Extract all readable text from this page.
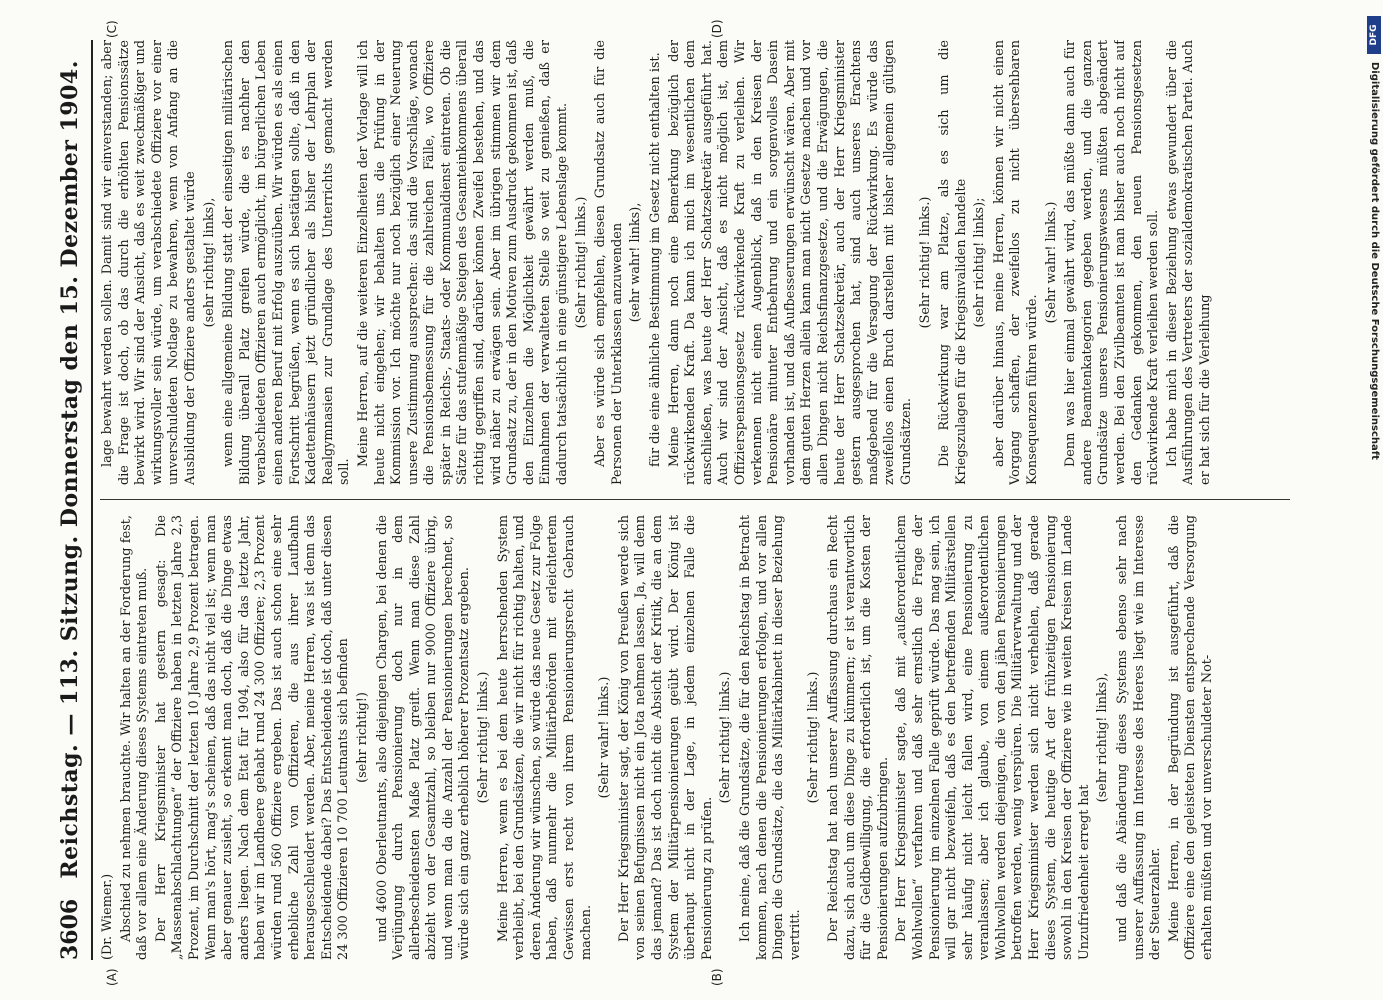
3606
Reichstag. — 113. Sitzung. Donnerstag den 15. Dezember 1904.

(Dr. Wiemer.) Abschied zu nehmen brauchte. Wir halten an der Forderung fest, daß vor allem eine Änderung dieses Systems eintreten muß. Der Herr Kriegsminister hat gestern gesagt: Die „Massenabschlachtungen“ der Offiziere haben in letzten Jahre 2,3 Prozent, im Durchschnitt der letzten 10 Jahre 2,9 Prozent betragen. Wenn man's hört, mag's scheinen, daß das nicht viel ist; wenn man aber genauer zusieht, so erkennt man doch, daß die Dinge etwas anders liegen. Nach dem Etat für 1904, also für das letzte Jahr, haben wir im Landheere gehabt rund 24 300 Offiziere; 2,3 Prozent würden rund 560 Offiziere ergeben. Das ist auch schon eine sehr erhebliche Zahl von Offizieren, die aus ihrer Laufbahn herausgeschleudert werden. Aber, meine Herren, was ist denn das Entscheidende dabei? Das Entscheidende ist doch, daß unter diesen 24 300 Offizieren 10 700 Leutnants sich befinden (sehr richtig!) und 4600 Oberleutnants, also diejenigen Chargen, bei denen die Verjüngung durch Pensionierung doch nur in dem allerbescheidensten Maße Platz greift. Wenn man diese Zahl abzieht von der Gesamtzahl, so bleiben nur 9000 Offiziere übrig, und wenn man da die Anzahl der Pensionierungen berechnet, so würde sich ein ganz erheblich höherer Prozentsatz ergeben. (Sehr richtig! links.) Meine Herren, wenn es bei dem heute herrschenden System verbleibt, bei den Grundsätzen, die wir nicht für richtig halten, und deren Änderung wir wünschen, so würde das neue Gesetz zur Folge haben, daß nunmehr die Militärbehörden mit erleichtertem Gewissen erst recht von ihrem Pensionierungsrecht Gebrauch machen.

(Sehr wahr! links.) Der Herr Kriegsminister sagt, der König von Preußen werde sich von seinen Befugnissen nicht ein Jota nehmen lassen. Ja, will denn das jemand? Das ist doch nicht die Absicht der Kritik, die an dem System der Militärpensionierungen geübt wird. Der König ist überhaupt nicht in der Lage, in jedem einzelnen Falle die Pensionierung zu prüfen.

(Sehr richtig! links.) Ich meine, daß die Grundsätze, die für den Reichstag in Betracht kommen, nach denen die Pensionierungen erfolgen, und vor allen Dingen die Grundsätze, die das Militärkabinett in dieser Beziehung vertritt.

(Sehr richtig! links.) Der Reichstag hat nach unserer Auffassung durchaus ein Recht dazu, sich auch um diese Dinge zu kümmern; er ist verantwortlich für die Geldbewilligung, die erforderlich ist, um die Kosten der Pensionierungen aufzubringen. Der Herr Kriegsminister sagte, daß mit „außerordentlichem Wohlwollen“ verfahren und daß sehr ernstlich die Frage der Pensionierung im einzelnen Falle geprüft würde. Das mag sein, ich will gar nicht bezweifeln, daß es den betreffenden Militärstellen sehr häufig nicht leicht fallen wird, eine Pensionierung zu veranlassen; aber ich glaube, von einem außerordentlichen Wohlwollen werden diejenigen, die von den jähen Pensionierungen betroffen werden, wenig verspüren. Die Militärverwaltung und der Herr Kriegsminister werden sich nicht verhehlen, daß gerade dieses System, die heutige Art der frühzeitigen Pensionierung sowohl in den Kreisen der Offiziere wie in weiten Kreisen im Lande Unzufriedenheit erregt hat

(sehr richtig! links), und daß die Abänderung dieses Systems ebenso sehr nach unserer Auffassung im Interesse des Heeres liegt wie im Interesse der Steuerzahler. Meine Herren, in der Begründung ist ausgeführt, daß die Offiziere eine den geleisteten Diensten entsprechende Versorgung erhalten müßten und vor unverschuldeter Not-

lage bewahrt werden sollen. Damit sind wir einverstanden; aber die Frage ist doch, ob das durch die erhöhten Pensionssätze bewirkt wird. Wir sind der Ansicht, daß es weit zweckmäßiger und wirkungsvoller sein würde, um verabschiedete Offiziere vor einer unverschuldeten Notlage zu bewahren, wenn von Anfang an die Ausbildung der Offiziere anders gestaltet würde (sehr richtig! links), wenn eine allgemeine Bildung statt der einseitigen militärischen Bildung überall Platz greifen würde, die es nachher den verabschiedeten Offizieren auch ermöglicht, im bürgerlichen Leben einen anderen Beruf mit Erfolg auszuüben. Wir würden es als einen Fortschritt begrüßen, wenn es sich bestätigen sollte, daß in den Kadettenhäusern jetzt gründlicher als bisher der Lehrplan der Realgymnasien zur Grundlage des Unterrichts gemacht werden soll.

Meine Herren, auf die weiteren Einzelheiten der Vorlage will ich heute nicht eingehen; wir behalten uns die Prüfung in der Kommission vor. Ich möchte nur noch bezüglich einer Neuerung unsere Zustimmung aussprechen: das sind die Vorschläge, wonach die Pensionsbemessung für die zahlreichen Fälle, wo Offiziere später in Reichs-, Staats- oder Kommunaldienst eintreten. Ob die Sätze für das stufenmäßige Steigen des Gesamteinkommens überall richtig gegriffen sind, darüber können Zweifel bestehen, und das wird näher zu erwägen sein. Aber im übrigen stimmen wir dem Grundsatz zu, der in den Motiven zum Ausdruck gekommen ist, daß den Einzelnen die Möglichkeit gewährt werden muß, die Einnahmen der verwalteten Stelle so weit zu genießen, daß er dadurch tatsächlich in eine günstigere Lebenslage kommt. (Sehr richtig! links.) Aber es würde sich empfehlen, diesen Grundsatz auch für die Personen der Unterklassen anzuwenden (sehr wahr! links), für die eine ähnliche Bestimmung im Gesetz nicht enthalten ist. Meine Herren, dann noch eine Bemerkung bezüglich der rückwirkenden Kraft. Da kann ich mich im wesentlichen dem anschließen, was heute der Herr Schatzsekretär ausgeführt hat. Auch wir sind der Ansicht, daß es nicht möglich ist, dem Offizierspensionsgesetz rückwirkende Kraft zu verleihen. Wir verkennen nicht einen Augenblick, daß in den Kreisen der Pensionäre mitunter Entbehrung und ein sorgenvolles Dasein vorhanden ist, und daß Aufbesserungen erwünscht wären. Aber mit dem guten Herzen allein kann man nicht Gesetze machen und vor allen Dingen nicht Reichsfinanzgesetze, und die Erwägungen, die heute der Herr Schatzsekretär, auch der Herr Kriegsminister gestern ausgesprochen hat, sind auch unseres Erachtens maßgebend für die Versagung der Rückwirkung. Es würde das zweifellos einen Bruch darstellen mit bisher allgemein gültigen Grundsätzen.

(Sehr richtig! links.) Die Rückwirkung war am Platze, als es sich um die Kriegszulagen für die Kriegsinvaliden handelte (sehr richtig! links); aber darüber hinaus, meine Herren, können wir nicht einen Vorgang schaffen, der zweifellos zu nicht übersehbaren Konsequenzen führen würde.

(Sehr wahr! links.) Denn was hier einmal gewährt wird, das müßte dann auch für andere Beamtenkategorien gegeben werden, und die ganzen Grundsätze unseres Pensionierungswesens müßten abgeändert werden. Bei den Zivilbeamten ist man bisher auch noch nicht auf den Gedanken gekommen, den neuen Pensionsgesetzen rückwirkende Kraft verleihen werden soll. Ich habe mich in dieser Beziehung etwas gewundert über die Ausführungen des Vertreters der sozialdemokratischen Partei. Auch er hat sich für die Verleihung

(A)	(B)
(C)	(D)	DFG
Digitalisierung gefördert durch die Deutsche Forschungsgemeinschaft
